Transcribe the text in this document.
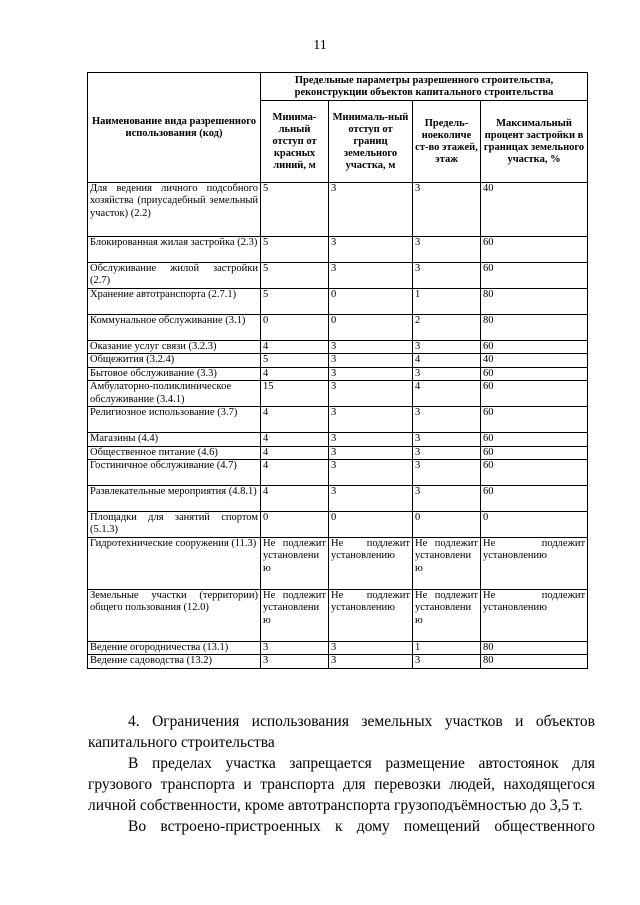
11
Наименование вида разрешенного использования (код)	Предельные параметры разрешенного строительства, реконструкции объектов капитального строительства			
	Минима-льный отступ от красных линий, м	Минималь-ный отступ от границ земельного участка, м	Предель-ноеколиче ст-во этажей, этаж	Максимальный процент застройки в границах земельного участка, %
Для ведения личного подсобного хозяйства (приусадебный земельный участок) (2.2)	5	3	3	40
Блокированная жилая застройка (2.3)	5	3	3	60
Обслуживание жилой застройки (2.7)	5	3	3	60
Хранение автотранспорта (2.7.1)	5	0	1	80
Коммунальное обслуживание (3.1)	0	0	2	80
Оказание услуг связи (3.2.3)	4	3	3	60
Общежития (3.2.4)	5	3	4	40
Бытовое обслуживание (3.3)	4	3	3	60
Амбулаторно-поликлиническое обслуживание (3.4.1)	15	3	4	60
Религиозное использование (3.7)	4	3	3	60
Магазины (4.4)	4	3	3	60
Общественное питание (4.6)	4	3	3	60
Гостиничное обслуживание (4.7)	4	3	3	60
Развлекательные мероприятия (4.8.1)	4	3	3	60
Площадки для занятий спортом (5.1.3)	0	0	0	0
Гидротехнические сооружения (11.3)	Не подлежит установлени ю	Не подлежит установлению	Не подлежит установлени ю	Не подлежит установлению
Земельные участки (территории) общего пользования (12.0)	Не подлежит установлени ю	Не подлежит установлению	Не подлежит установлени ю	Не подлежит установлению
Ведение огородничества (13.1)	3	3	1	80
Ведение садоводства (13.2)	3	3	3	80

4. Ограничения использования земельных участков и объектов капитального строительства

В пределах участка запрещается размещение автостоянок для грузового транспорта и транспорта для перевозки людей, находящегося личной собственности, кроме автотранспорта грузоподъёмностью до 3,5 т.

Во встроено-пристроенных к дому помещений общественного
